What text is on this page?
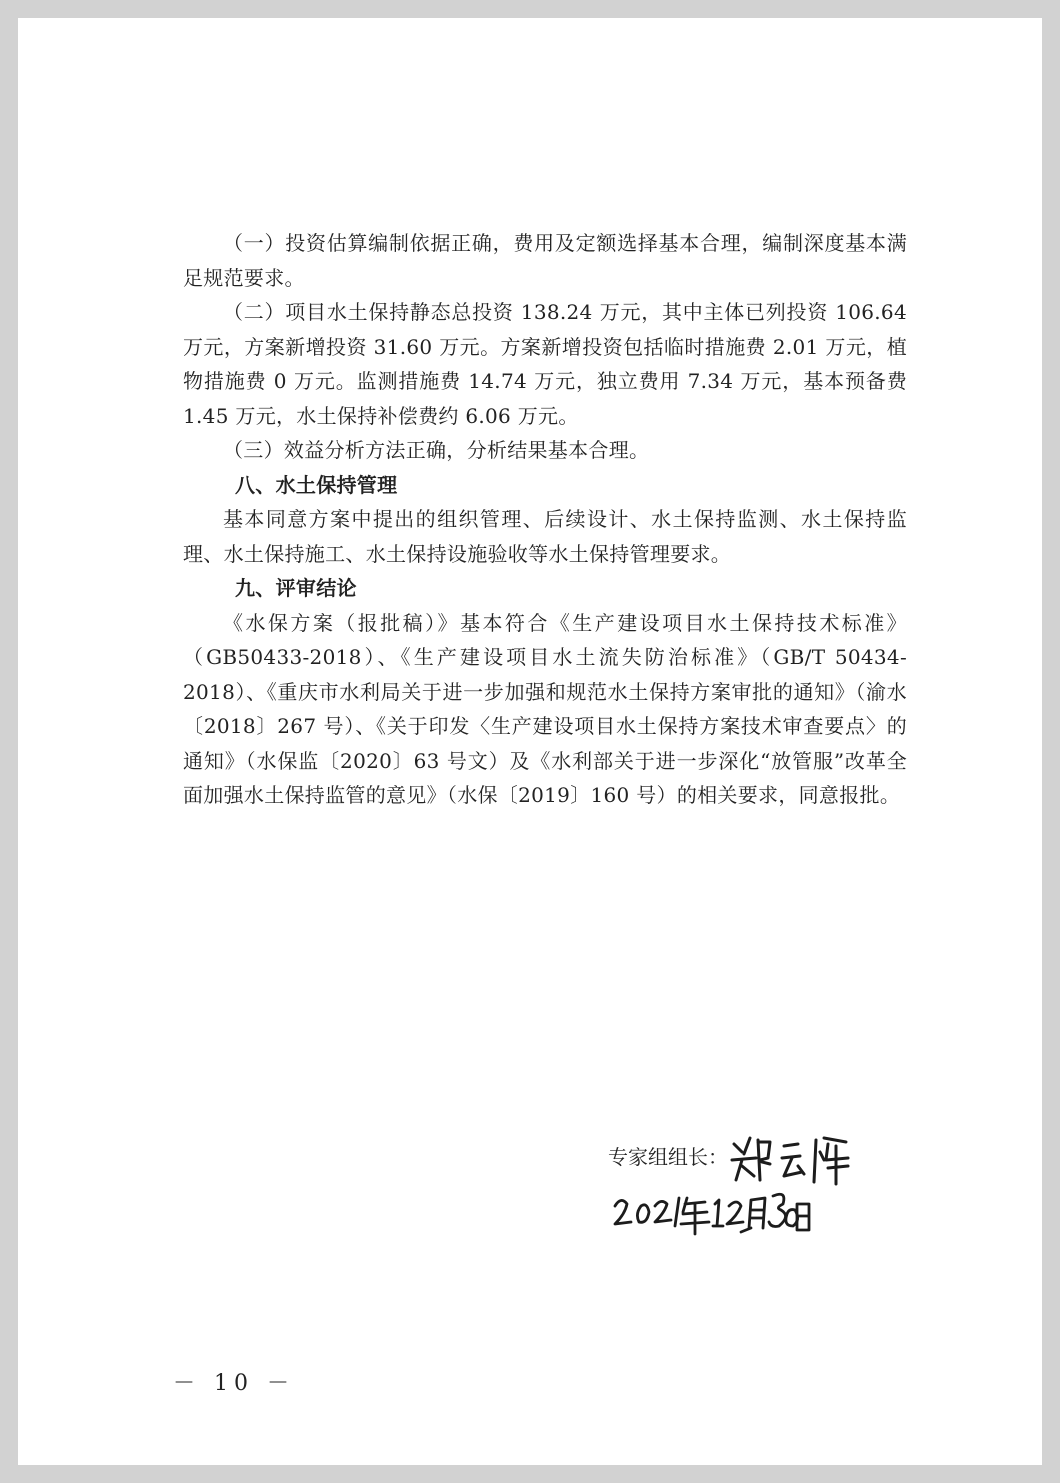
（一）投资估算编制依据正确，费用及定额选择基本合理，编制深度基本满足规范要求。

（二）项目水土保持静态总投资 138.24 万元，其中主体已列投资 106.64 万元，方案新增投资 31.60 万元。方案新增投资包括临时措施费 2.01 万元，植物措施费 0 万元。监测措施费 14.74 万元，独立费用 7.34 万元，基本预备费 1.45 万元，水土保持补偿费约 6.06 万元。

（三）效益分析方法正确，分析结果基本合理。

八、水土保持管理

基本同意方案中提出的组织管理、后续设计、水土保持监测、水土保持监理、水土保持施工、水土保持设施验收等水土保持管理要求。

九、评审结论

《水保方案（报批稿）》基本符合《生产建设项目水土保持技术标准》（GB50433-2018）、《生产建设项目水土流失防治标准》（GB/T 50434-2018）、《重庆市水利局关于进一步加强和规范水土保持方案审批的通知》（渝水〔2018〕267 号）、《关于印发〈生产建设项目水土保持方案技术审查要点〉的通知》（水保监〔2020〕63 号文）及《水利部关于进一步深化“放管服”改革全面加强水土保持监管的意见》（水保〔2019〕160 号）的相关要求，同意报批。

专家组组长：
－ 10 －
